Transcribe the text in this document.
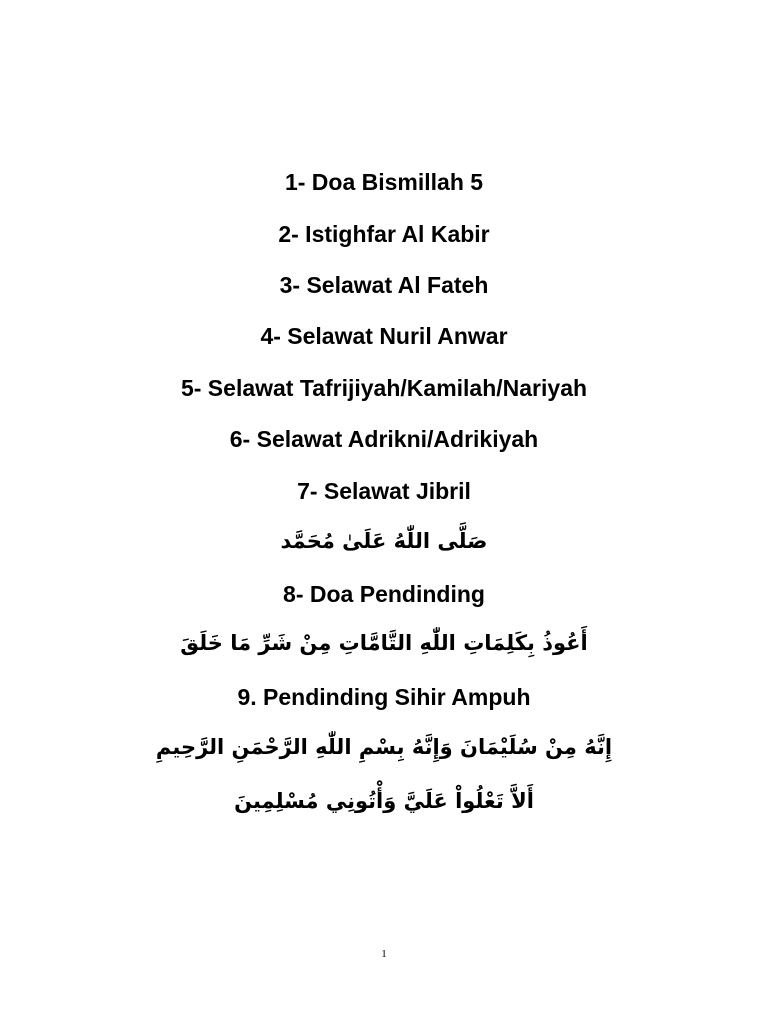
1- Doa Bismillah 5
2- Istighfar Al Kabir
3- Selawat Al Fateh
4- Selawat Nuril Anwar
5- Selawat Tafrijiyah/Kamilah/Nariyah
6- Selawat Adrikni/Adrikiyah
7- Selawat Jibril
صَلَّى اللّٰهُ عَلَىٰ مُحَمَّد
8- Doa Pendinding
أَعُوذُ بِكَلِمَاتِ اللّٰهِ التَّامَّاتِ مِنْ شَرِّ مَا خَلَقَ
9. Pendinding Sihir Ampuh
إِنَّهُ مِنْ سُلَيْمَانَ وَإِنَّهُ بِسْمِ اللّٰهِ الرَّحْمَنِ الرَّحِيمِ
أَلاَّ تَعْلُواْ عَلَيَّ وَأْتُونِي مُسْلِمِينَ
1
